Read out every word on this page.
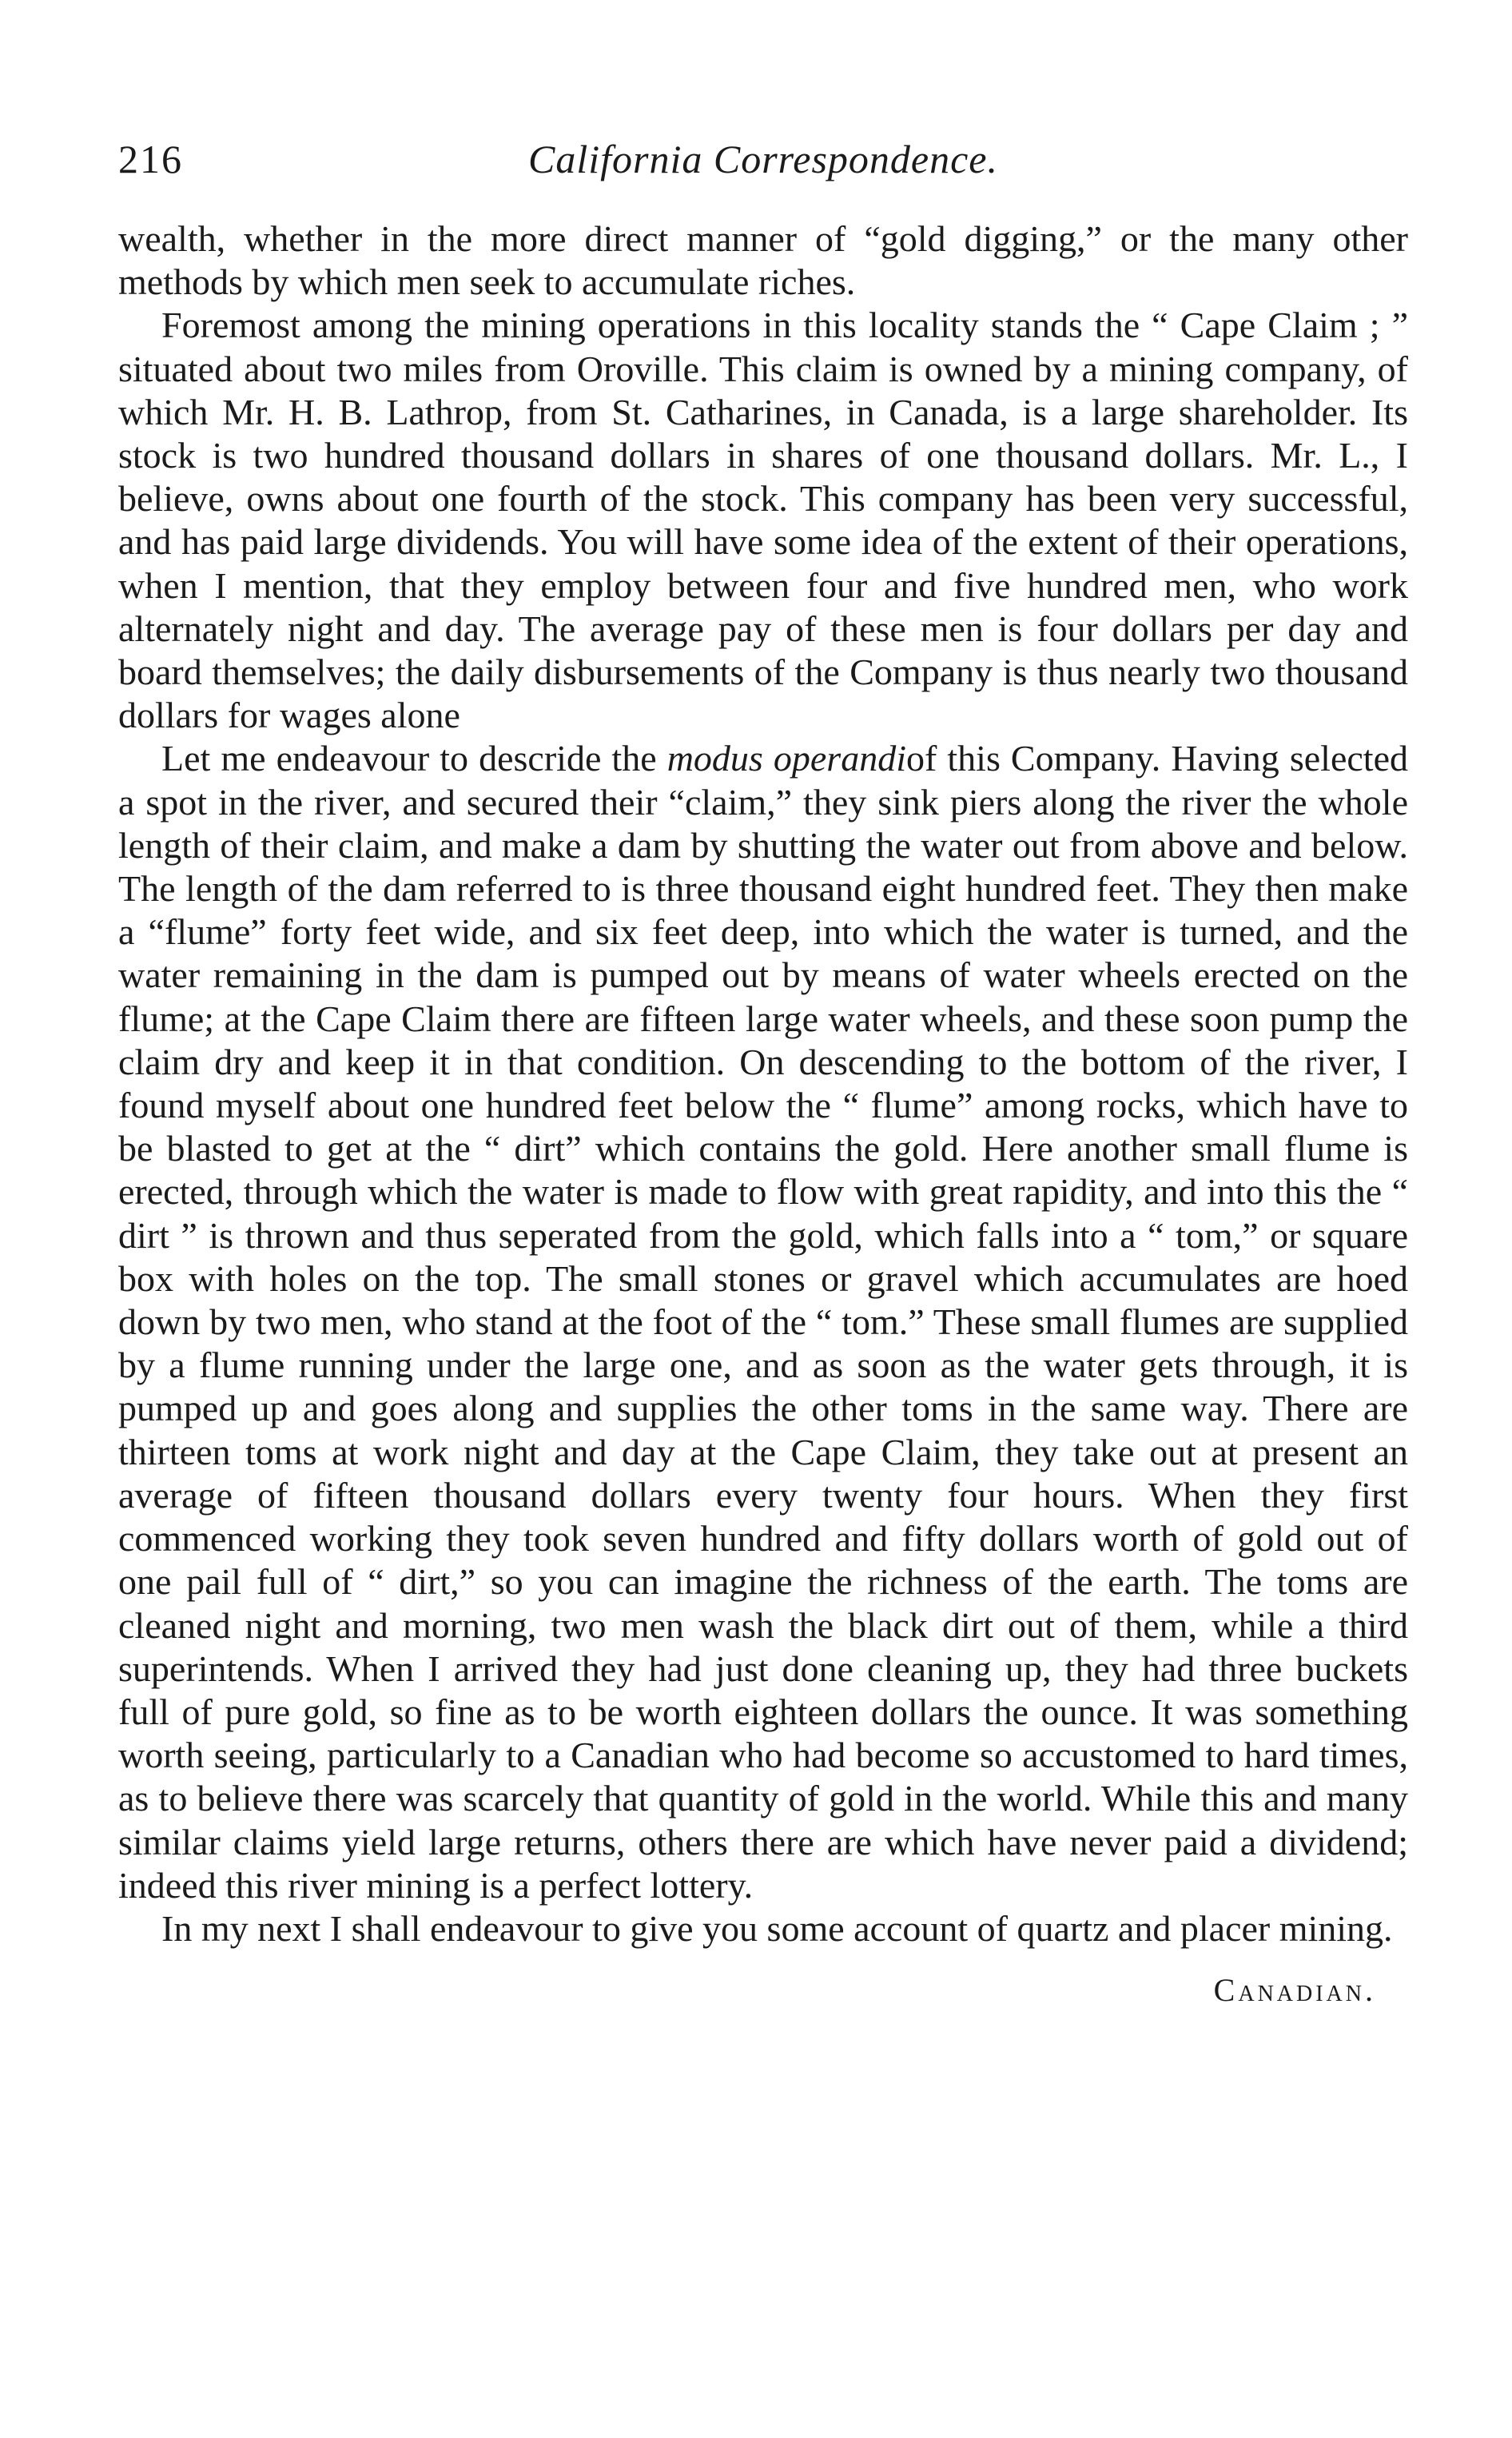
216	California Correspondence.

wealth, whether in the more direct manner of “gold digging,” or the many other methods by which men seek to accumulate riches.

Foremost among the mining operations in this locality stands the “ Cape Claim ; ” situated about two miles from Oroville. This claim is owned by a mining company, of which Mr. H. B. Lathrop, from St. Catharines, in Canada, is a large shareholder. Its stock is two hundred thousand dollars in shares of one thousand dollars. Mr. L., I believe, owns about one fourth of the stock. This company has been very successful, and has paid large dividends. You will have some idea of the extent of their operations, when I mention, that they employ between four and five hundred men, who work alternately night and day. The average pay of these men is four dollars per day and board themselves; the daily disbursements of the Company is thus nearly two thousand dollars for wages alone

Let me endeavour to descride the modus operandiof this Company. Having selected a spot in the river, and secured their “claim,” they sink piers along the river the whole length of their claim, and make a dam by shutting the water out from above and below. The length of the dam referred to is three thousand eight hundred feet. They then make a “flume” forty feet wide, and six feet deep, into which the water is turned, and the water remaining in the dam is pumped out by means of water wheels erected on the flume; at the Cape Claim there are fifteen large water wheels, and these soon pump the claim dry and keep it in that condition. On descending to the bottom of the river, I found myself about one hundred feet below the “ flume” among rocks, which have to be blasted to get at the “ dirt” which contains the gold. Here another small flume is erected, through which the water is made to flow with great rapidity, and into this the “ dirt ” is thrown and thus seperated from the gold, which falls into a “ tom,” or square box with holes on the top. The small stones or gravel which accumulates are hoed down by two men, who stand at the foot of the “ tom.” These small flumes are supplied by a flume running under the large one, and as soon as the water gets through, it is pumped up and goes along and supplies the other toms in the same way. There are thirteen toms at work night and day at the Cape Claim, they take out at present an average of fifteen thousand dollars every twenty four hours. When they first commenced working they took seven hundred and fifty dollars worth of gold out of one pail full of “ dirt,” so you can imagine the richness of the earth. The toms are cleaned night and morning, two men wash the black dirt out of them, while a third superintends. When I arrived they had just done cleaning up, they had three buckets full of pure gold, so fine as to be worth eighteen dollars the ounce. It was something worth seeing, particularly to a Canadian who had become so accustomed to hard times, as to believe there was scarcely that quantity of gold in the world. While this and many similar claims yield large returns, others there are which have never paid a dividend; indeed this river mining is a perfect lottery.

In my next I shall endeavour to give you some account of quartz and placer mining.

Canadian.
